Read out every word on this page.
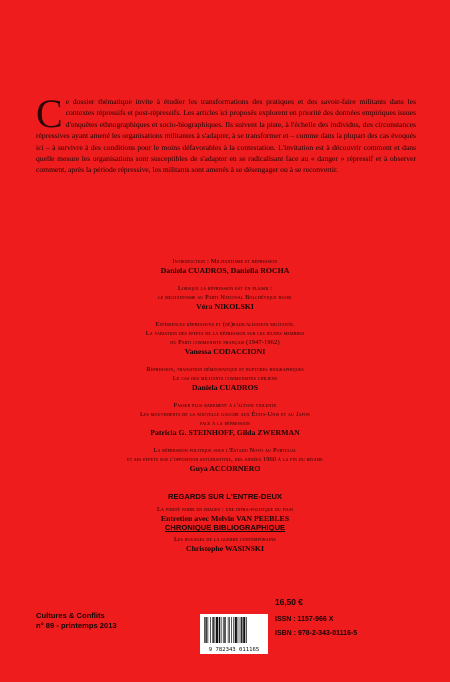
Ce dossier thématique invite à étudier les transformations des pratiques et des savoir-faire militants dans les contextes répressifs et post-répressifs. Les articles ici proposés explorent en priorité des données empiriques issues d'enquêtes ethnographiques et socio-biographiques. Ils suivent la piste, à l'échelle des individus, des circonstances répressives ayant amené les organisations militantes à s'adapter, à se transformer et – comme dans la plupart des cas évoqués ici – à survivre à des conditions pour le moins défavorables à la contestation. L'invitation est à découvrir comment et dans quelle mesure les organisations sont susceptibles de s'adapter en se radicalisant face au « danger » répressif et à observer comment, après la période répressive, les militants sont amenés à se désengager ou à se reconvertir.
Introduction : Militantisme et répression
Daniela CUADROS, Daniella ROCHA
Lorsque la répression est un plaisir :
le militantisme au Parti National Bolchévique russe
Véra NIKOLSKI
Expériences répressives et (dé)radicalisation militante.
La variation des effets de la répression sur les jeunes membres
du Parti communiste français (1947-1962)
Vanessa CODACCIONI
Répression, transition démocratique et ruptures biographiques
Le cas des militants communistes chiliens
Daniela CUADROS
Passer plus rarement à l'action violente
Les mouvements de la nouvelle gauche aux États-Unis et au Japon
face à la répression
Patricia G. STEINHOFF, Gilda ZWERMAN
La répression politique sous l'Estado Novo au Portugal
et ses effets sur l'opposition estudiantine, des années 1960 à la fin du régime
Guya ACCORNERO
REGARDS SUR L'ENTRE-DEUX
La fierté noire en images : une infra-politique du film
Entretien avec Melvin VAN PEEBLES
CHRONIQUE BIBLIOGRAPHIQUE
Les rouages de la guerre contemporaine
Christophe WASINSKI
Cultures & Conflits
n° 89 - printemps 2013
16,50 €
9 782343 011165
ISSN : 1157-966 X
ISBN : 978-2-343-01116-5
